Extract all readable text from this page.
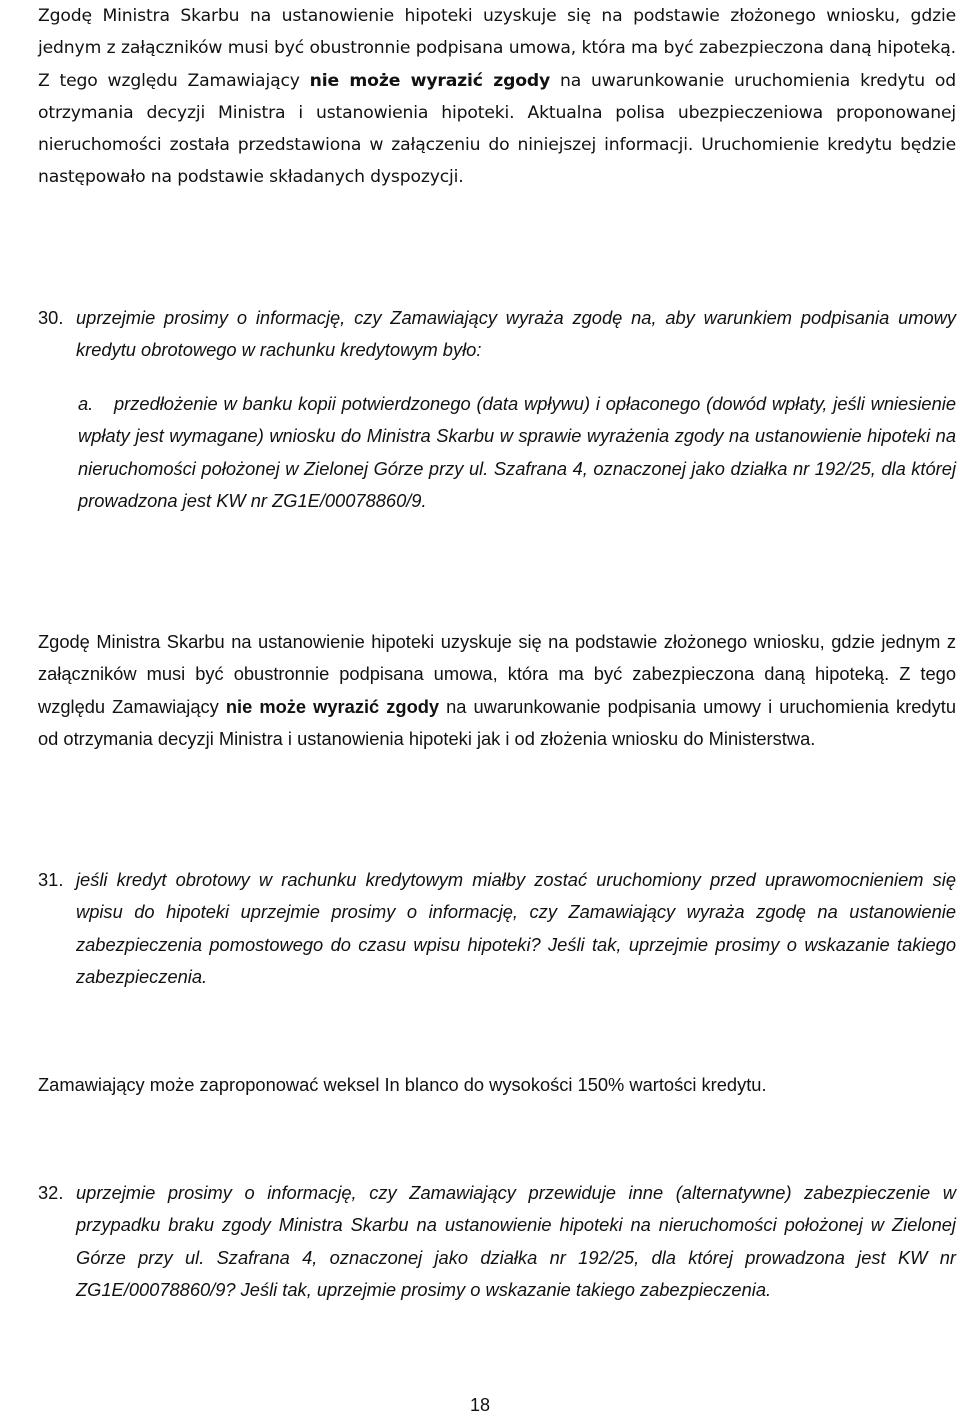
Zgodę Ministra Skarbu na ustanowienie hipoteki uzyskuje się na podstawie złożonego wniosku, gdzie jednym z załączników musi być obustronnie podpisana umowa, która ma być zabezpieczona daną hipoteką. Z tego względu Zamawiający nie może wyrazić zgody na uwarunkowanie uruchomienia kredytu od otrzymania decyzji Ministra i ustanowienia hipoteki. Aktualna polisa ubezpieczeniowa proponowanej nieruchomości została przedstawiona w załączeniu do niniejszej informacji. Uruchomienie kredytu będzie następowało na podstawie składanych dyspozycji.

30. uprzejmie prosimy o informację, czy Zamawiający wyraża zgodę na, aby warunkiem podpisania umowy kredytu obrotowego w rachunku kredytowym było:
a. przedłożenie w banku kopii potwierdzonego (data wpływu) i opłaconego (dowód wpłaty, jeśli wniesienie wpłaty jest wymagane) wniosku do Ministra Skarbu w sprawie wyrażenia zgody na ustanowienie hipoteki na nieruchomości położonej w Zielonej Górze przy ul. Szafrana 4, oznaczonej jako działka nr 192/25, dla której prowadzona jest KW nr ZG1E/00078860/9.

Zgodę Ministra Skarbu na ustanowienie hipoteki uzyskuje się na podstawie złożonego wniosku, gdzie jednym z załączników musi być obustronnie podpisana umowa, która ma być zabezpieczona daną hipoteką. Z tego względu Zamawiający nie może wyrazić zgody na uwarunkowanie podpisania umowy i uruchomienia kredytu od otrzymania decyzji Ministra i ustanowienia hipoteki jak i od złożenia wniosku do Ministerstwa.

31. jeśli kredyt obrotowy w rachunku kredytowym miałby zostać uruchomiony przed uprawomocnieniem się wpisu do hipoteki uprzejmie prosimy o informację, czy Zamawiający wyraża zgodę na ustanowienie zabezpieczenia pomostowego do czasu wpisu hipoteki? Jeśli tak, uprzejmie prosimy o wskazanie takiego zabezpieczenia.

Zamawiający może zaproponować weksel In blanco do wysokości 150% wartości kredytu.

32. uprzejmie prosimy o informację, czy Zamawiający przewiduje inne (alternatywne) zabezpieczenie w przypadku braku zgody Ministra Skarbu na ustanowienie hipoteki na nieruchomości położonej w Zielonej Górze przy ul. Szafrana 4, oznaczonej jako działka nr 192/25, dla której prowadzona jest KW nr ZG1E/00078860/9? Jeśli tak, uprzejmie prosimy o wskazanie takiego zabezpieczenia.
18
